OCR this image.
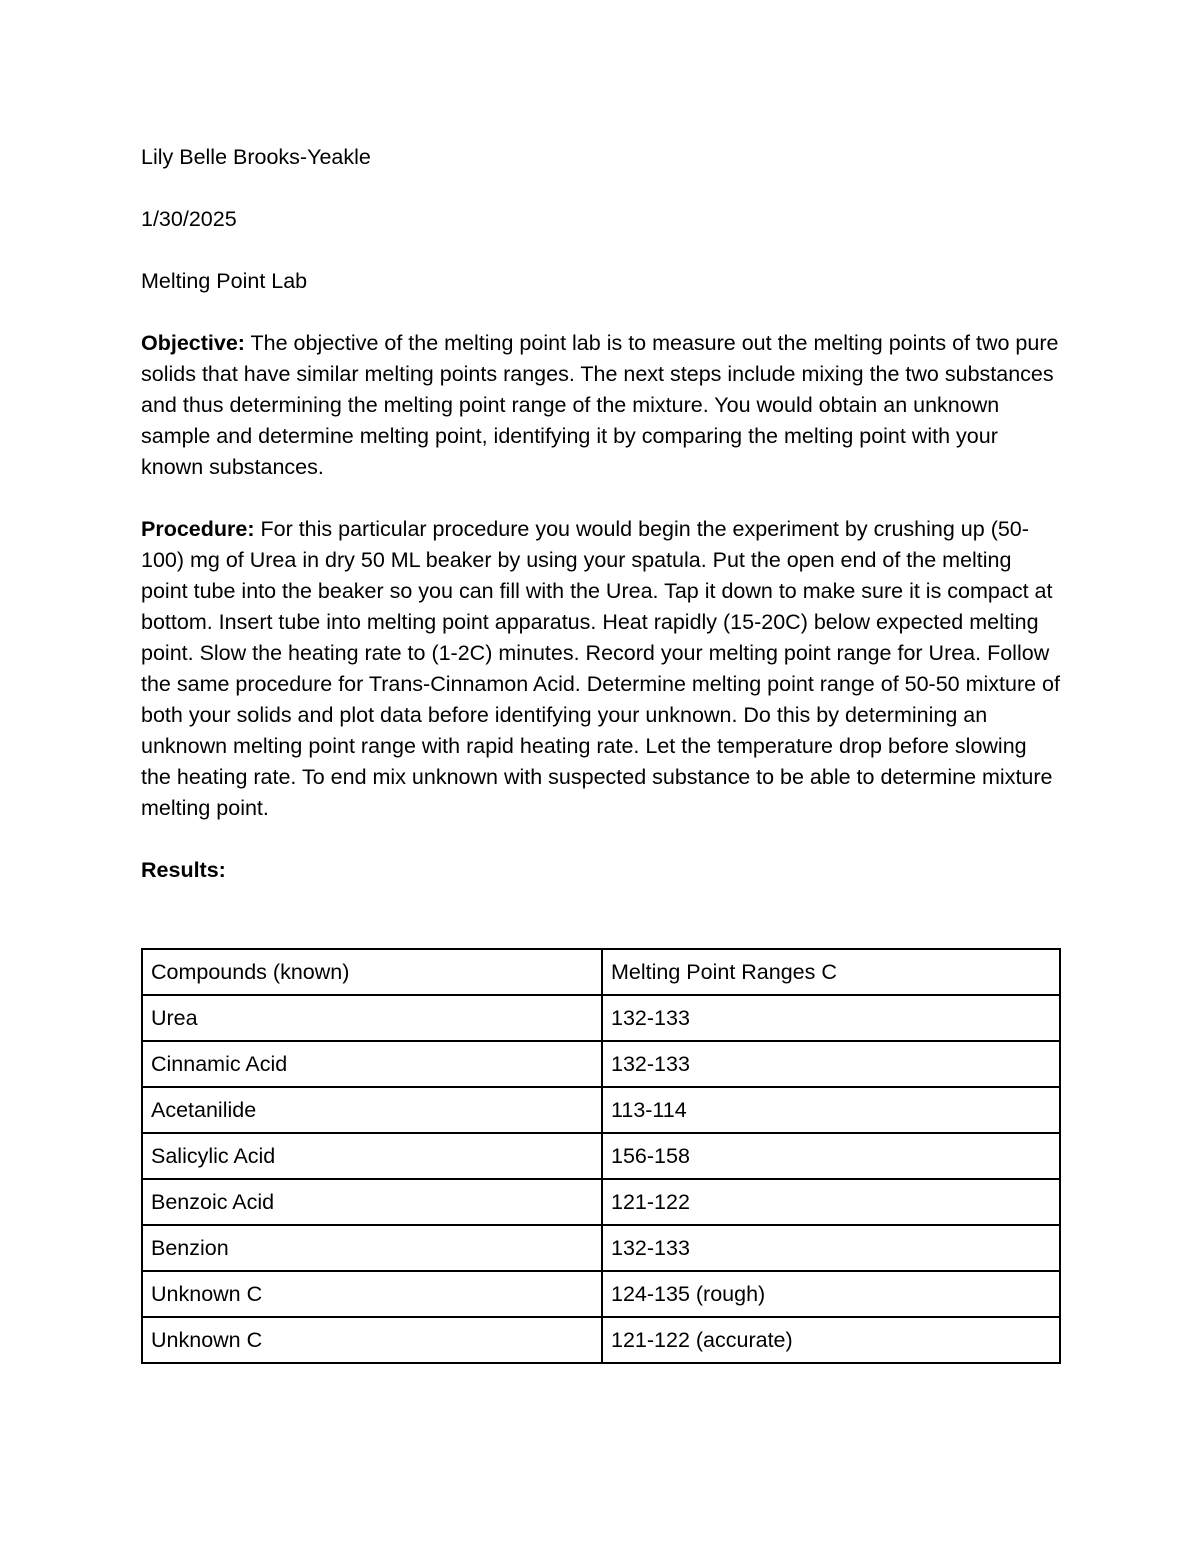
Lily Belle Brooks-Yeakle

1/30/2025

Melting Point Lab

Objective: The objective of the melting point lab is to measure out the melting points of two pure solids that have similar melting points ranges. The next steps include mixing the two substances and thus determining the melting point range of the mixture. You would obtain an unknown sample and determine melting point, identifying it by comparing the melting point with your known substances.

Procedure: For this particular procedure you would begin the experiment by crushing up (50-100) mg of Urea in dry 50 ML beaker by using your spatula. Put the open end of the melting point tube into the beaker so you can fill with the Urea. Tap it down to make sure it is compact at bottom. Insert tube into melting point apparatus. Heat rapidly (15-20C) below expected melting point. Slow the heating rate to (1-2C) minutes. Record your melting point range for Urea. Follow the same procedure for Trans-Cinnamon Acid. Determine melting point range of 50-50 mixture of both your solids and plot data before identifying your unknown. Do this by determining an unknown melting point range with rapid heating rate. Let the temperature drop before slowing the heating rate. To end mix unknown with suspected substance to be able to determine mixture melting point.

Results:

Compounds (known)	Melting Point Ranges C
Urea	132-133
Cinnamic Acid	132-133
Acetanilide	113-114
Salicylic Acid	156-158
Benzoic Acid	121-122
Benzion	132-133
Unknown C	124-135 (rough)
Unknown C	121-122 (accurate)
